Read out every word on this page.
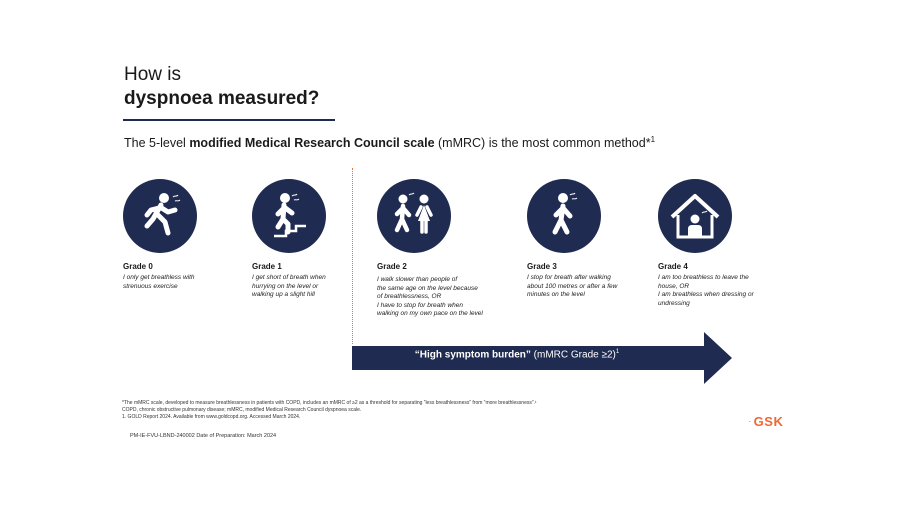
How is
dyspnoea measured?
The 5-level modified Medical Research Council scale (mMRC) is the most common method*$^1$
Grade 0
I only get breathless with
strenuous exercise
Grade 1
I get short of breath when
hurrying on the level or
walking up a slight hill
Grade 2
I walk slower than people of
the same age on the level because
of breathlessness, OR
I have to stop for breath when
walking on my own pace on the level
Grade 3
I stop for breath after walking
about 100 metres or after a few
minutes on the level
Grade 4
I am too breathless to leave the
house, OR
I am breathless when dressing or
undressing
“High symptom burden” (mMRC Grade ≥2)$^1$
*The mMRC scale, developed to measure breathlessness in patients with COPD, includes an mMRC of ≥2 as a threshold for separating “less breathlessness” from “more breathlessness”.¹
COPD, chronic obstructive pulmonary disease; mMRC, modified Medical Research Council dyspnoea scale.
1. GOLD Report 2024. Available from www.goldcopd.org. Accessed March 2024.
· GSK
PM-IE-FVU-LBND-240002 Date of Preparation: March 2024
